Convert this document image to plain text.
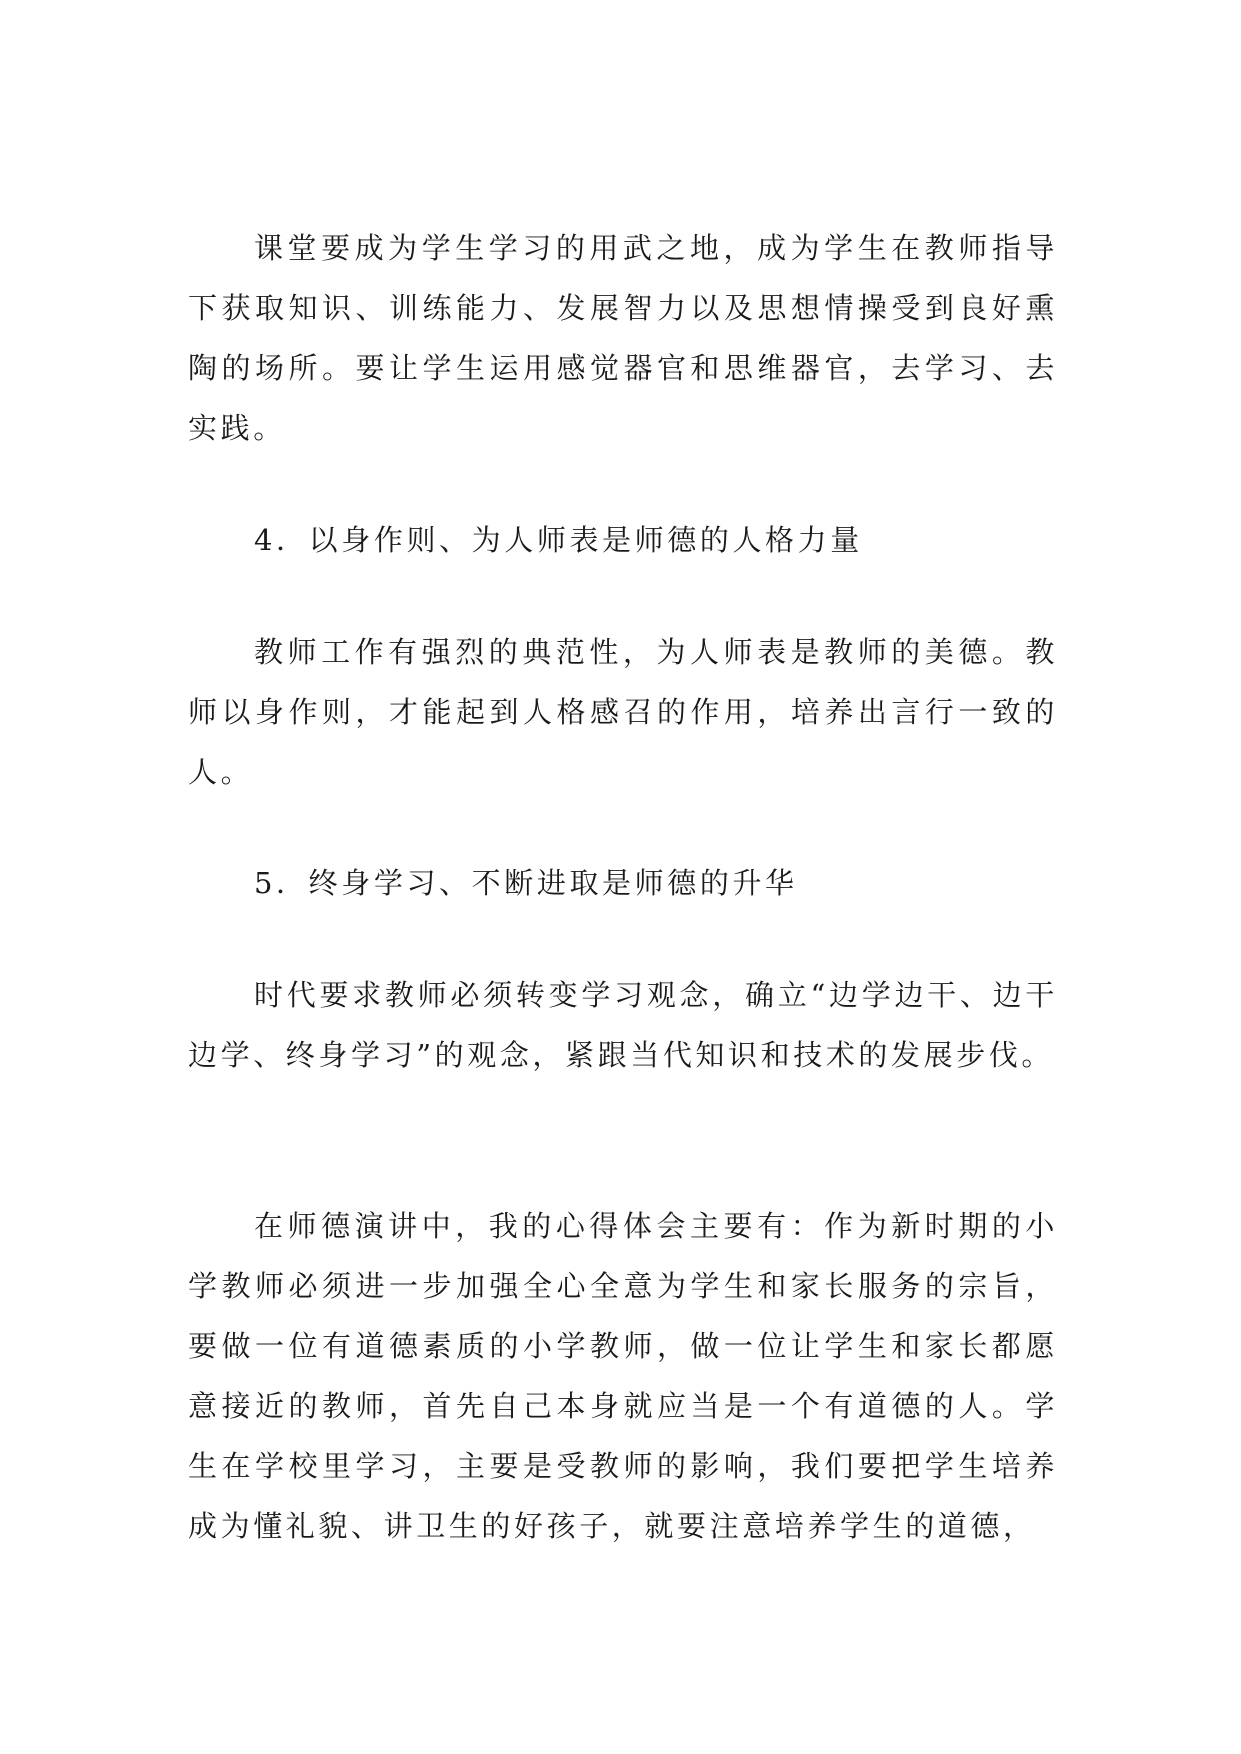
课堂要成为学生学习的用武之地，成为学生在教师指导下获取知识、训练能力、发展智力以及思想情操受到良好熏陶的场所。要让学生运用感觉器官和思维器官，去学习、去实践。

4．以身作则、为人师表是师德的人格力量

教师工作有强烈的典范性，为人师表是教师的美德。教师以身作则，才能起到人格感召的作用，培养出言行一致的人。

5．终身学习、不断进取是师德的升华

时代要求教师必须转变学习观念，确立“边学边干、边干边学、终身学习”的观念，紧跟当代知识和技术的发展步伐。

在师德演讲中，我的心得体会主要有：作为新时期的小学教师必须进一步加强全心全意为学生和家长服务的宗旨，要做一位有道德素质的小学教师，做一位让学生和家长都愿意接近的教师，首先自己本身就应当是一个有道德的人。学生在学校里学习，主要是受教师的影响，我们要把学生培养成为懂礼貌、讲卫生的好孩子，就要注意培养学生的道德，
